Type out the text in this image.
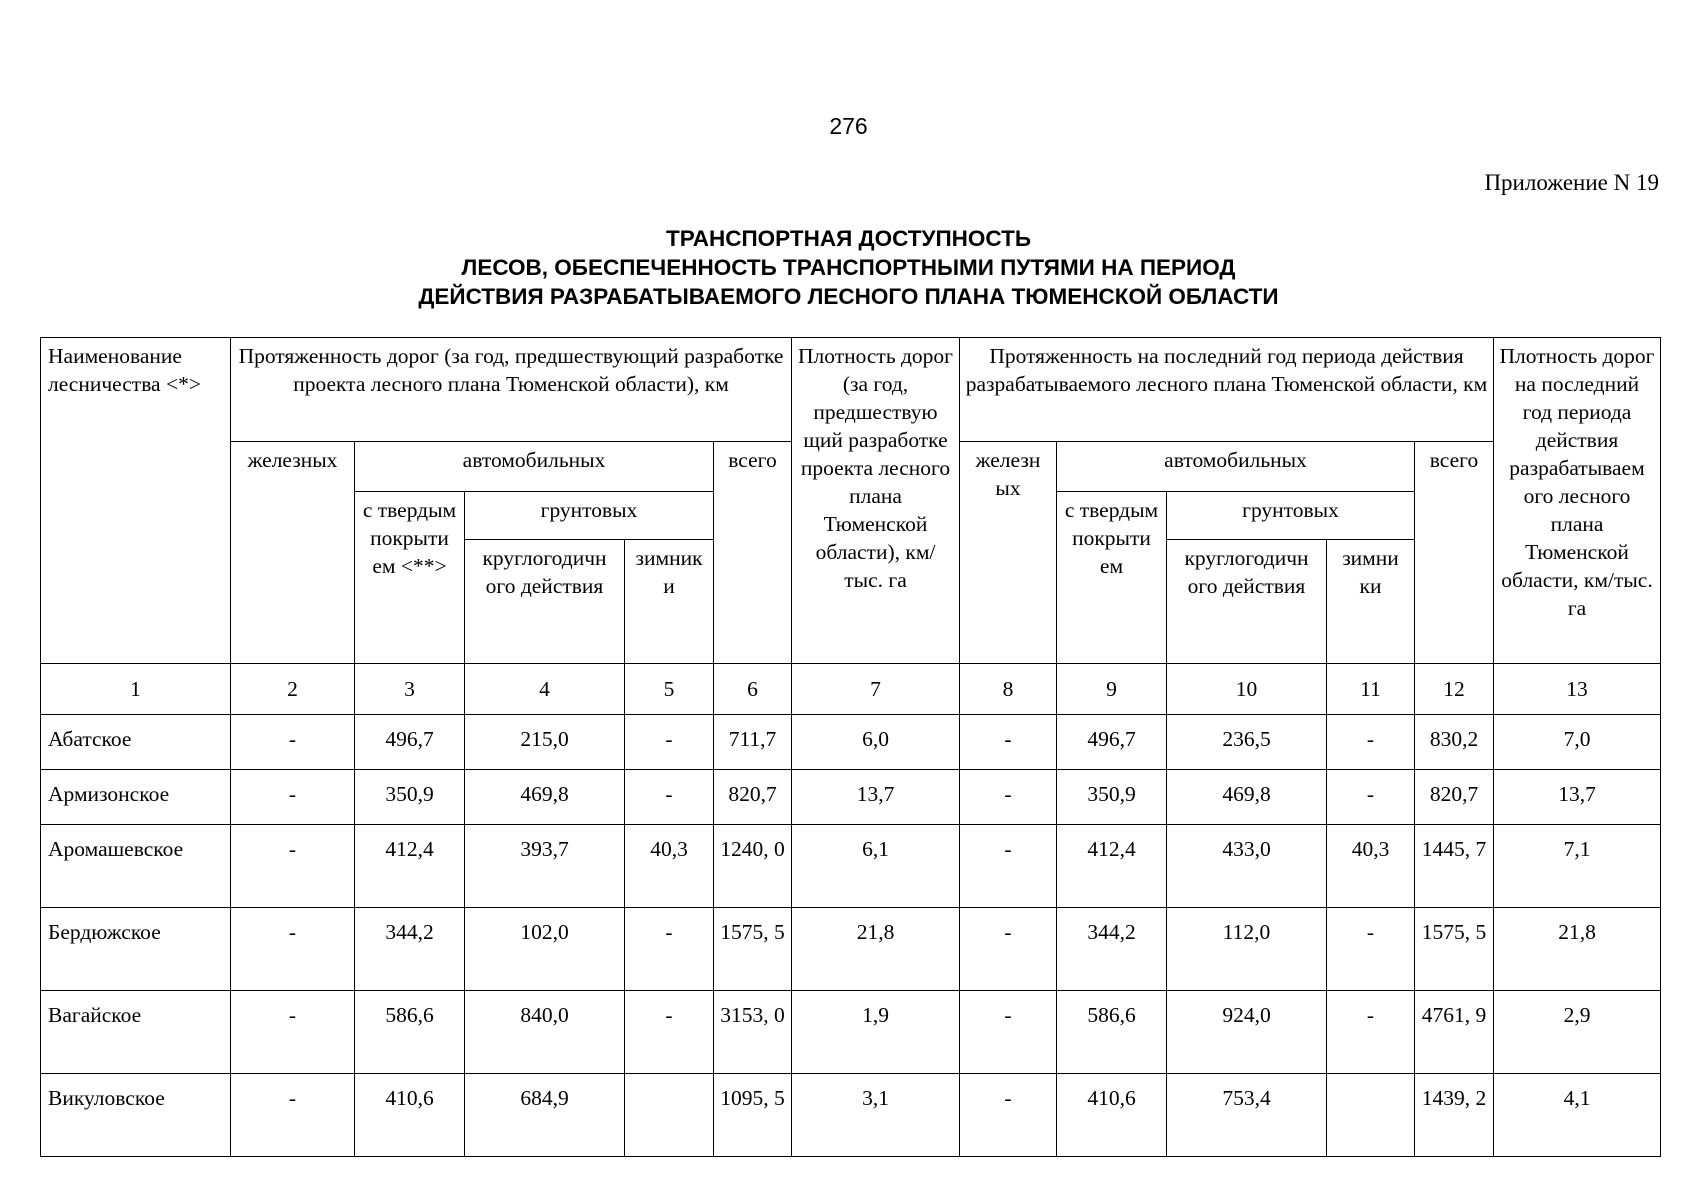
276
Приложение N 19
ТРАНСПОРТНАЯ ДОСТУПНОСТЬ
ЛЕСОВ, ОБЕСПЕЧЕННОСТЬ ТРАНСПОРТНЫМИ ПУТЯМИ НА ПЕРИОД
ДЕЙСТВИЯ РАЗРАБАТЫВАЕМОГО ЛЕСНОГО ПЛАНА ТЮМЕНСКОЙ ОБЛАСТИ
Наименование лесничества <*>	Протяженность дорог (за год, предшествующий разработке проекта лесного плана Тюменской области), км					Плотность дорог (за год, предшествую щий разработке проекта лесного плана Тюменской области), км/тыс. га	Протяженность на последний год периода действия разрабатываемого лесного плана Тюменской области, км					Плотность дорог на последний год периода действия разрабатываем ого лесного плана Тюменской области, км/тыс. га
	железных	автомобильных			всего		железн ых	автомобильных			всего	
		с твердым покрыти ем <**>	грунтовых					с твердым покрыти ем	грунтовых			
			круглогодичн ого действия	зимник и					круглогодичн ого действия	зимни ки		
1	2	3	4	5	6	7	8	9	10	11	12	13
Абатское	-	496,7	215,0	-	711,7	6,0	-	496,7	236,5	-	830,2	7,0
Армизонское	-	350,9	469,8	-	820,7	13,7	-	350,9	469,8	-	820,7	13,7
Аромашевское	-	412,4	393,7	40,3	1240, 0	6,1	-	412,4	433,0	40,3	1445, 7	7,1
Бердюжское	-	344,2	102,0	-	1575, 5	21,8	-	344,2	112,0	-	1575, 5	21,8
Вагайское	-	586,6	840,0	-	3153, 0	1,9	-	586,6	924,0	-	4761, 9	2,9
Викуловское	-	410,6	684,9		1095, 5	3,1	-	410,6	753,4		1439, 2	4,1
